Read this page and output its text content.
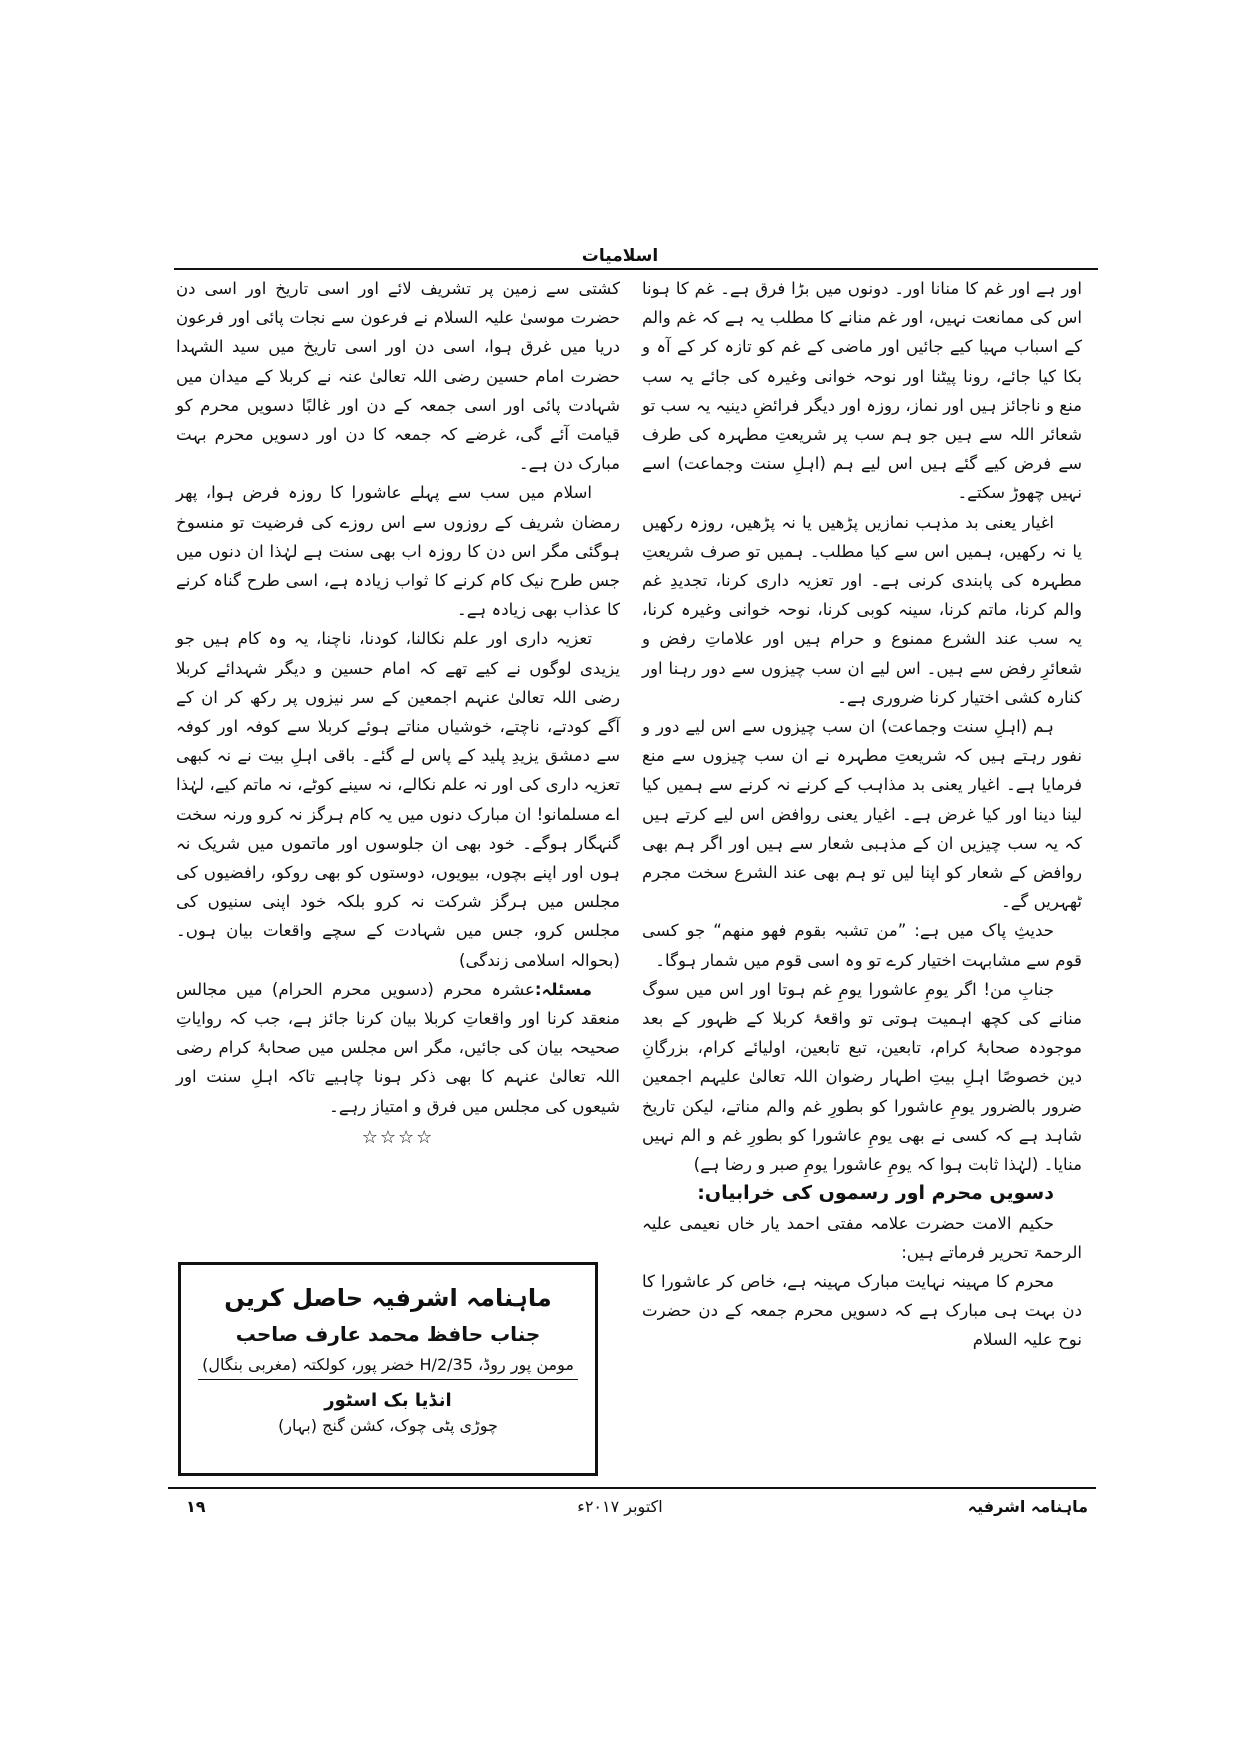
اسلامیات

اور ہے اور غم کا منانا اور۔ دونوں میں بڑا فرق ہے۔ غم کا ہونا اس کی ممانعت نہیں، اور غم منانے کا مطلب یہ ہے کہ غم والم کے اسباب مہیا کیے جائیں اور ماضی کے غم کو تازہ کر کے آہ و بکا کیا جائے، رونا پیٹنا اور نوحہ خوانی وغیرہ کی جائے یہ سب منع و ناجائز ہیں اور نماز، روزہ اور دیگر فرائضِ دینیہ یہ سب تو شعائر اللہ سے ہیں جو ہم سب پر شریعتِ مطہرہ کی طرف سے فرض کیے گئے ہیں اس لیے ہم (اہلِ سنت وجماعت) اسے نہیں چھوڑ سکتے۔

اغیار یعنی بد مذہب نمازیں پڑھیں یا نہ پڑھیں، روزہ رکھیں یا نہ رکھیں، ہمیں اس سے کیا مطلب۔ ہمیں تو صرف شریعتِ مطہرہ کی پابندی کرنی ہے۔ اور تعزیہ داری کرنا، تجدیدِ غم والم کرنا، ماتم کرنا، سینہ کوبی کرنا، نوحہ خوانی وغیرہ کرنا، یہ سب عند الشرع ممنوع و حرام ہیں اور علاماتِ رفض و شعائرِ رفض سے ہیں۔ اس لیے ان سب چیزوں سے دور رہنا اور کنارہ کشی اختیار کرنا ضروری ہے۔

ہم (اہلِ سنت وجماعت) ان سب چیزوں سے اس لیے دور و نفور رہتے ہیں کہ شریعتِ مطہرہ نے ان سب چیزوں سے منع فرمایا ہے۔ اغیار یعنی بد مذاہب کے کرنے نہ کرنے سے ہمیں کیا لینا دینا اور کیا غرض ہے۔ اغیار یعنی روافض اس لیے کرتے ہیں کہ یہ سب چیزیں ان کے مذہبی شعار سے ہیں اور اگر ہم بھی روافض کے شعار کو اپنا لیں تو ہم بھی عند الشرع سخت مجرم ٹھہریں گے۔

حدیثِ پاک میں ہے: ”من تشبہ بقوم فھو منھم“ جو کسی قوم سے مشابہت اختیار کرے تو وہ اسی قوم میں شمار ہوگا۔

جنابِ من! اگر یومِ عاشورا یومِ غم ہوتا اور اس میں سوگ منانے کی کچھ اہمیت ہوتی تو واقعۂ کربلا کے ظہور کے بعد موجودہ صحابۂ کرام، تابعین، تبع تابعین، اولیائے کرام، بزرگانِ دین خصوصًا اہلِ بیتِ اطہار رضوان اللہ تعالیٰ علیہم اجمعین ضرور بالضرور یومِ عاشورا کو بطورِ غم والم مناتے، لیکن تاریخ شاہد ہے کہ کسی نے بھی یومِ عاشورا کو بطورِ غم و الم نہیں منایا۔ (لہٰذا ثابت ہوا کہ یومِ عاشورا یومِ صبر و رضا ہے)

دسویں محرم اور رسموں کی خرابیاں:

حکیم الامت حضرت علامہ مفتی احمد یار خاں نعیمی علیہ الرحمۃ تحریر فرماتے ہیں:

محرم کا مہینہ نہایت مبارک مہینہ ہے، خاص کر عاشورا کا دن بہت ہی مبارک ہے کہ دسویں محرم جمعہ کے دن حضرت نوح علیہ السلام

کشتی سے زمین پر تشریف لائے اور اسی تاریخ اور اسی دن حضرت موسیٰ علیہ السلام نے فرعون سے نجات پائی اور فرعون دریا میں غرق ہوا، اسی دن اور اسی تاریخ میں سید الشہدا حضرت امام حسین رضی اللہ تعالیٰ عنہ نے کربلا کے میدان میں شہادت پائی اور اسی جمعہ کے دن اور غالبًا دسویں محرم کو قیامت آئے گی، غرضے کہ جمعہ کا دن اور دسویں محرم بہت مبارک دن ہے۔

اسلام میں سب سے پہلے عاشورا کا روزہ فرض ہوا، پھر رمضان شریف کے روزوں سے اس روزے کی فرضیت تو منسوخ ہوگئی مگر اس دن کا روزہ اب بھی سنت ہے لہٰذا ان دنوں میں جس طرح نیک کام کرنے کا ثواب زیادہ ہے، اسی طرح گناہ کرنے کا عذاب بھی زیادہ ہے۔

تعزیہ داری اور علم نکالنا، کودنا، ناچنا، یہ وہ کام ہیں جو یزیدی لوگوں نے کیے تھے کہ امام حسین و دیگر شہدائے کربلا رضی اللہ تعالیٰ عنہم اجمعین کے سر نیزوں پر رکھ کر ان کے آگے کودتے، ناچتے، خوشیاں مناتے ہوئے کربلا سے کوفہ اور کوفہ سے دمشق یزیدِ پلید کے پاس لے گئے۔ باقی اہلِ بیت نے نہ کبھی تعزیہ داری کی اور نہ علم نکالے، نہ سینے کوٹے، نہ ماتم کیے، لہٰذا اے مسلمانو! ان مبارک دنوں میں یہ کام ہرگز نہ کرو ورنہ سخت گنہگار ہوگے۔ خود بھی ان جلوسوں اور ماتموں میں شریک نہ ہوں اور اپنے بچوں، بیویوں، دوستوں کو بھی روکو، رافضیوں کی مجلس میں ہرگز شرکت نہ کرو بلکہ خود اپنی سنیوں کی مجلس کرو، جس میں شہادت کے سچے واقعات بیان ہوں۔ (بحوالہ اسلامی زندگی)

مسئلہ:عشرہ محرم (دسویں محرم الحرام) میں مجالس منعقد کرنا اور واقعاتِ کربلا بیان کرنا جائز ہے، جب کہ روایاتِ صحیحہ بیان کی جائیں، مگر اس مجلس میں صحابۂ کرام رضی اللہ تعالیٰ عنہم کا بھی ذکر ہونا چاہیے تاکہ اہلِ سنت اور شیعوں کی مجلس میں فرق و امتیاز رہے۔

☆☆☆☆
ماہنامہ اشرفیہ حاصل کریں
جناب حافظ محمد عارف صاحب
مومن پور روڈ، 35/H/2 خضر پور، کولکتہ (مغربی بنگال)
انڈیا بک اسٹور
چوڑی پٹی چوک، کشن گنج (بہار)
ماہنامہ اشرفیہ
اکتوبر ۲۰۱۷ء
۱۹
